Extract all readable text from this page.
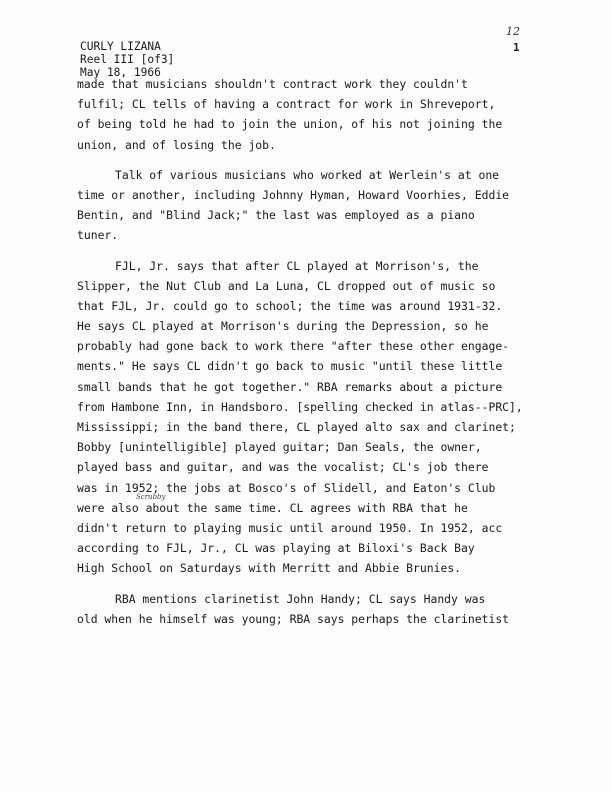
12
1
CURLY LIZANA
Reel III [of3]
May 18, 1966
Scrubby
made that musicians shouldn't contract work they couldn't
fulfil; CL tells of having a contract for work in Shreveport,
of being told he had to join the union, of his not joining the
union, and of losing the job.
Talk of various musicians who worked at Werlein's at one
time or another, including Johnny Hyman, Howard Voorhies, Eddie
Bentin, and "Blind Jack;" the last was employed as a piano
tuner.
FJL, Jr. says that after CL played at Morrison's, the
Slipper, the Nut Club and La Luna, CL dropped out of music so
that FJL, Jr. could go to school; the time was around 1931-32.
He says CL played at Morrison's during the Depression, so he
probably had gone back to work there "after these other engage-
ments." He says CL didn't go back to music "until these little
small bands that he got together." RBA remarks about a picture
from Hambone Inn, in Handsboro. [spelling checked in atlas--PRC],
Mississippi; in the band there, CL played alto sax and clarinet;
Bobby [unintelligible] played guitar; Dan Seals, the owner,
played bass and guitar, and was the vocalist; CL's job there
was in 1952; the jobs at Bosco's of Slidell, and Eaton's Club
were also about the same time. CL agrees with RBA that he
didn't return to playing music until around 1950. In 1952, acc
according to FJL, Jr., CL was playing at Biloxi's Back Bay
High School on Saturdays with Merritt and Abbie Brunies.
RBA mentions clarinetist John Handy; CL says Handy was
old when he himself was young; RBA says perhaps the clarinetist
